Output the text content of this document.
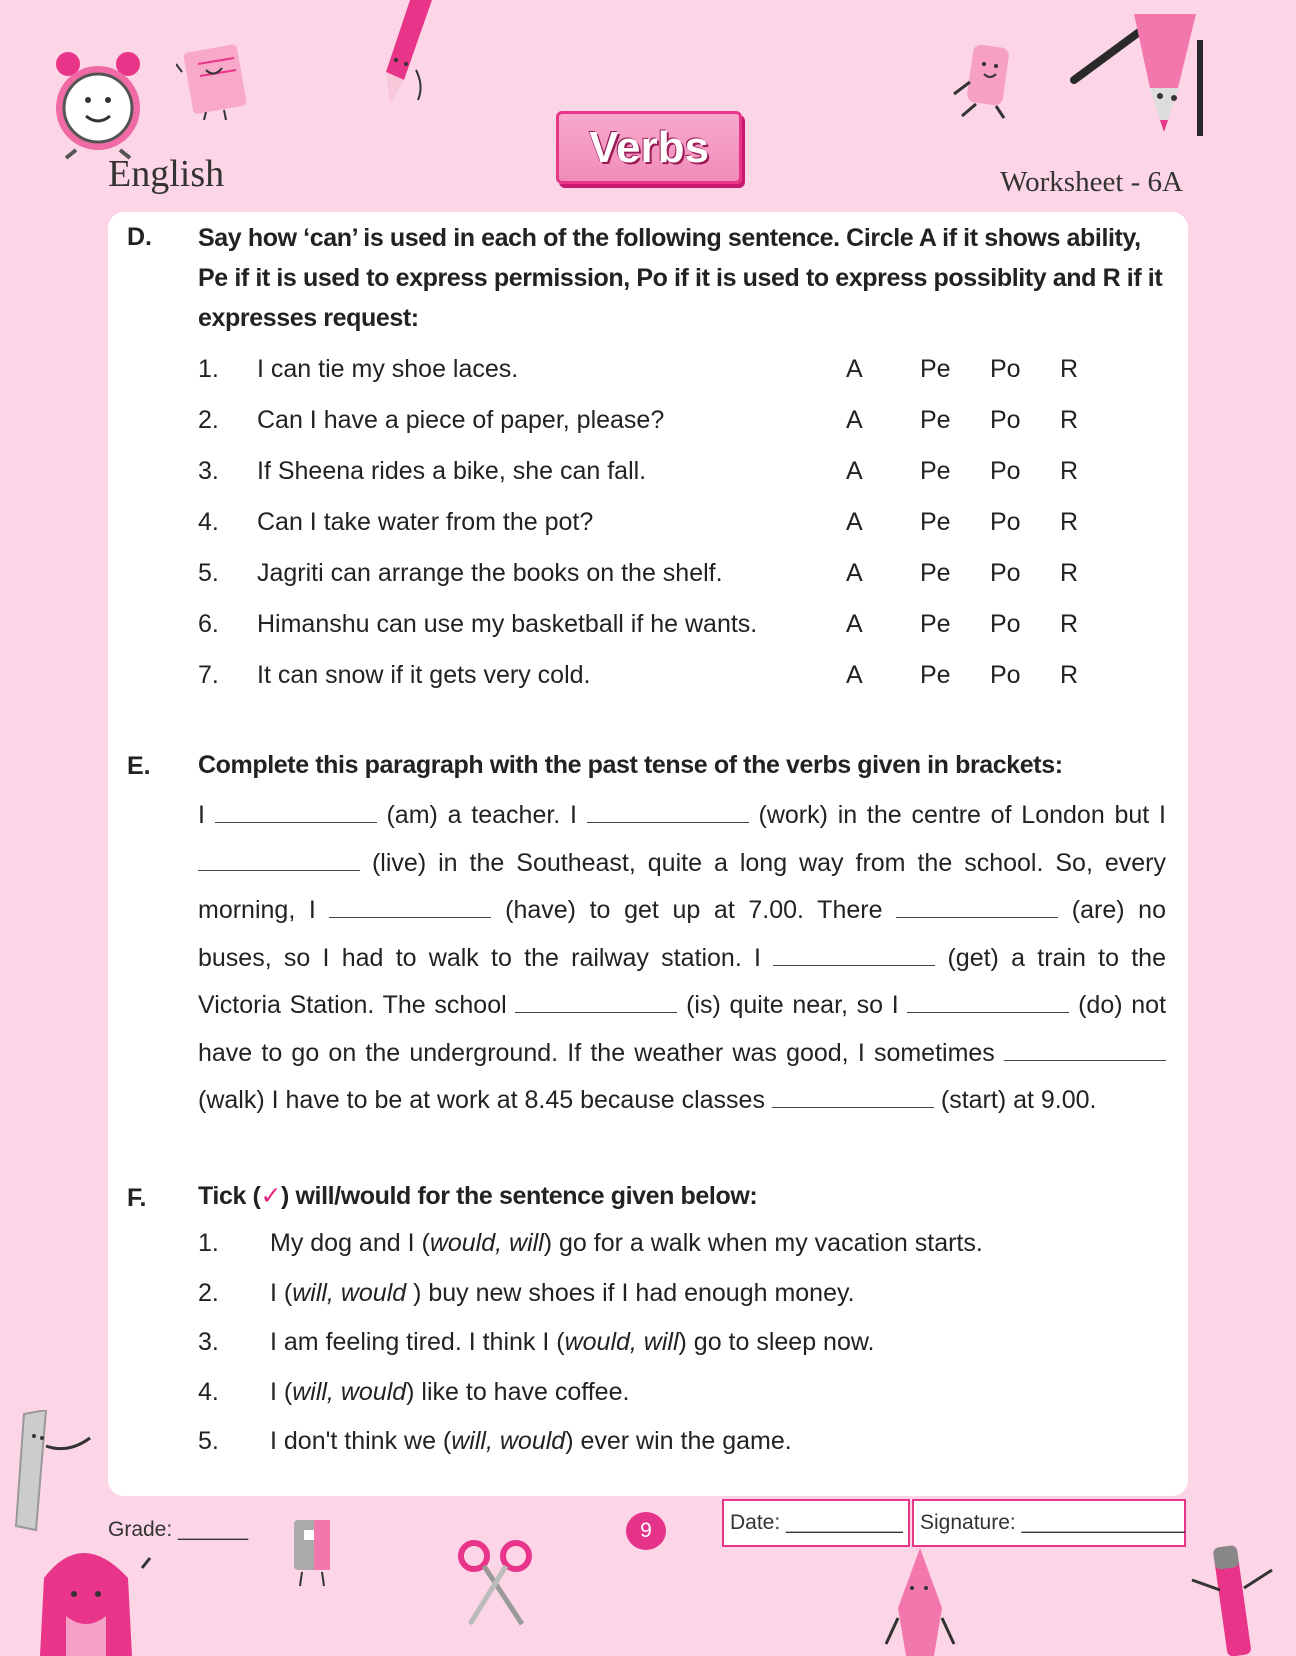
Verbs
English	Worksheet - 6A
D. Say how ‘can’ is used in each of the following sentence. Circle A if it shows ability, Pe if it is used to express permission, Po if it is used to express possiblity and R if it expresses request:
1. I can tie my shoe laces.	A Pe Po R
2. Can I have a piece of paper, please?	A Pe Po R
3. If Sheena rides a bike, she can fall.	A Pe Po R
4. Can I take water from the pot?	A Pe Po R
5. Jagriti can arrange the books on the shelf.	A Pe Po R
6. Himanshu can use my basketball if he wants.	A Pe Po R
7. It can snow if it gets very cold.	A Pe Po R
E. Complete this paragraph with the past tense of the verbs given in brackets:
I	(am) a teacher. I	(work) in the centre of London but I  (live) in the Southeast, quite a long way from the school. So, every morning, I	(have) to get up at 7.00. There	(are) no buses, so I had to walk to the railway station. I	(get) a train to the Victoria Station. The school	(is) quite near, so I	(do) not have to go on the underground. If the weather was good, I sometimes  (walk) I have to be at work at 8.45 because classes	(start) at 9.00.
F. Tick (✓) will/would for the sentence given below:
1. My dog and I (would, will) go for a walk when my vacation starts.
2. I (will, would ) buy new shoes if I had enough money.
3. I am feeling tired. I think I (would, will) go to sleep now.
4. I (will, would) like to have coffee.
5. I don't think we (will, would) ever win the game.
Grade: ______	9	Date: __________ Signature: ______________
